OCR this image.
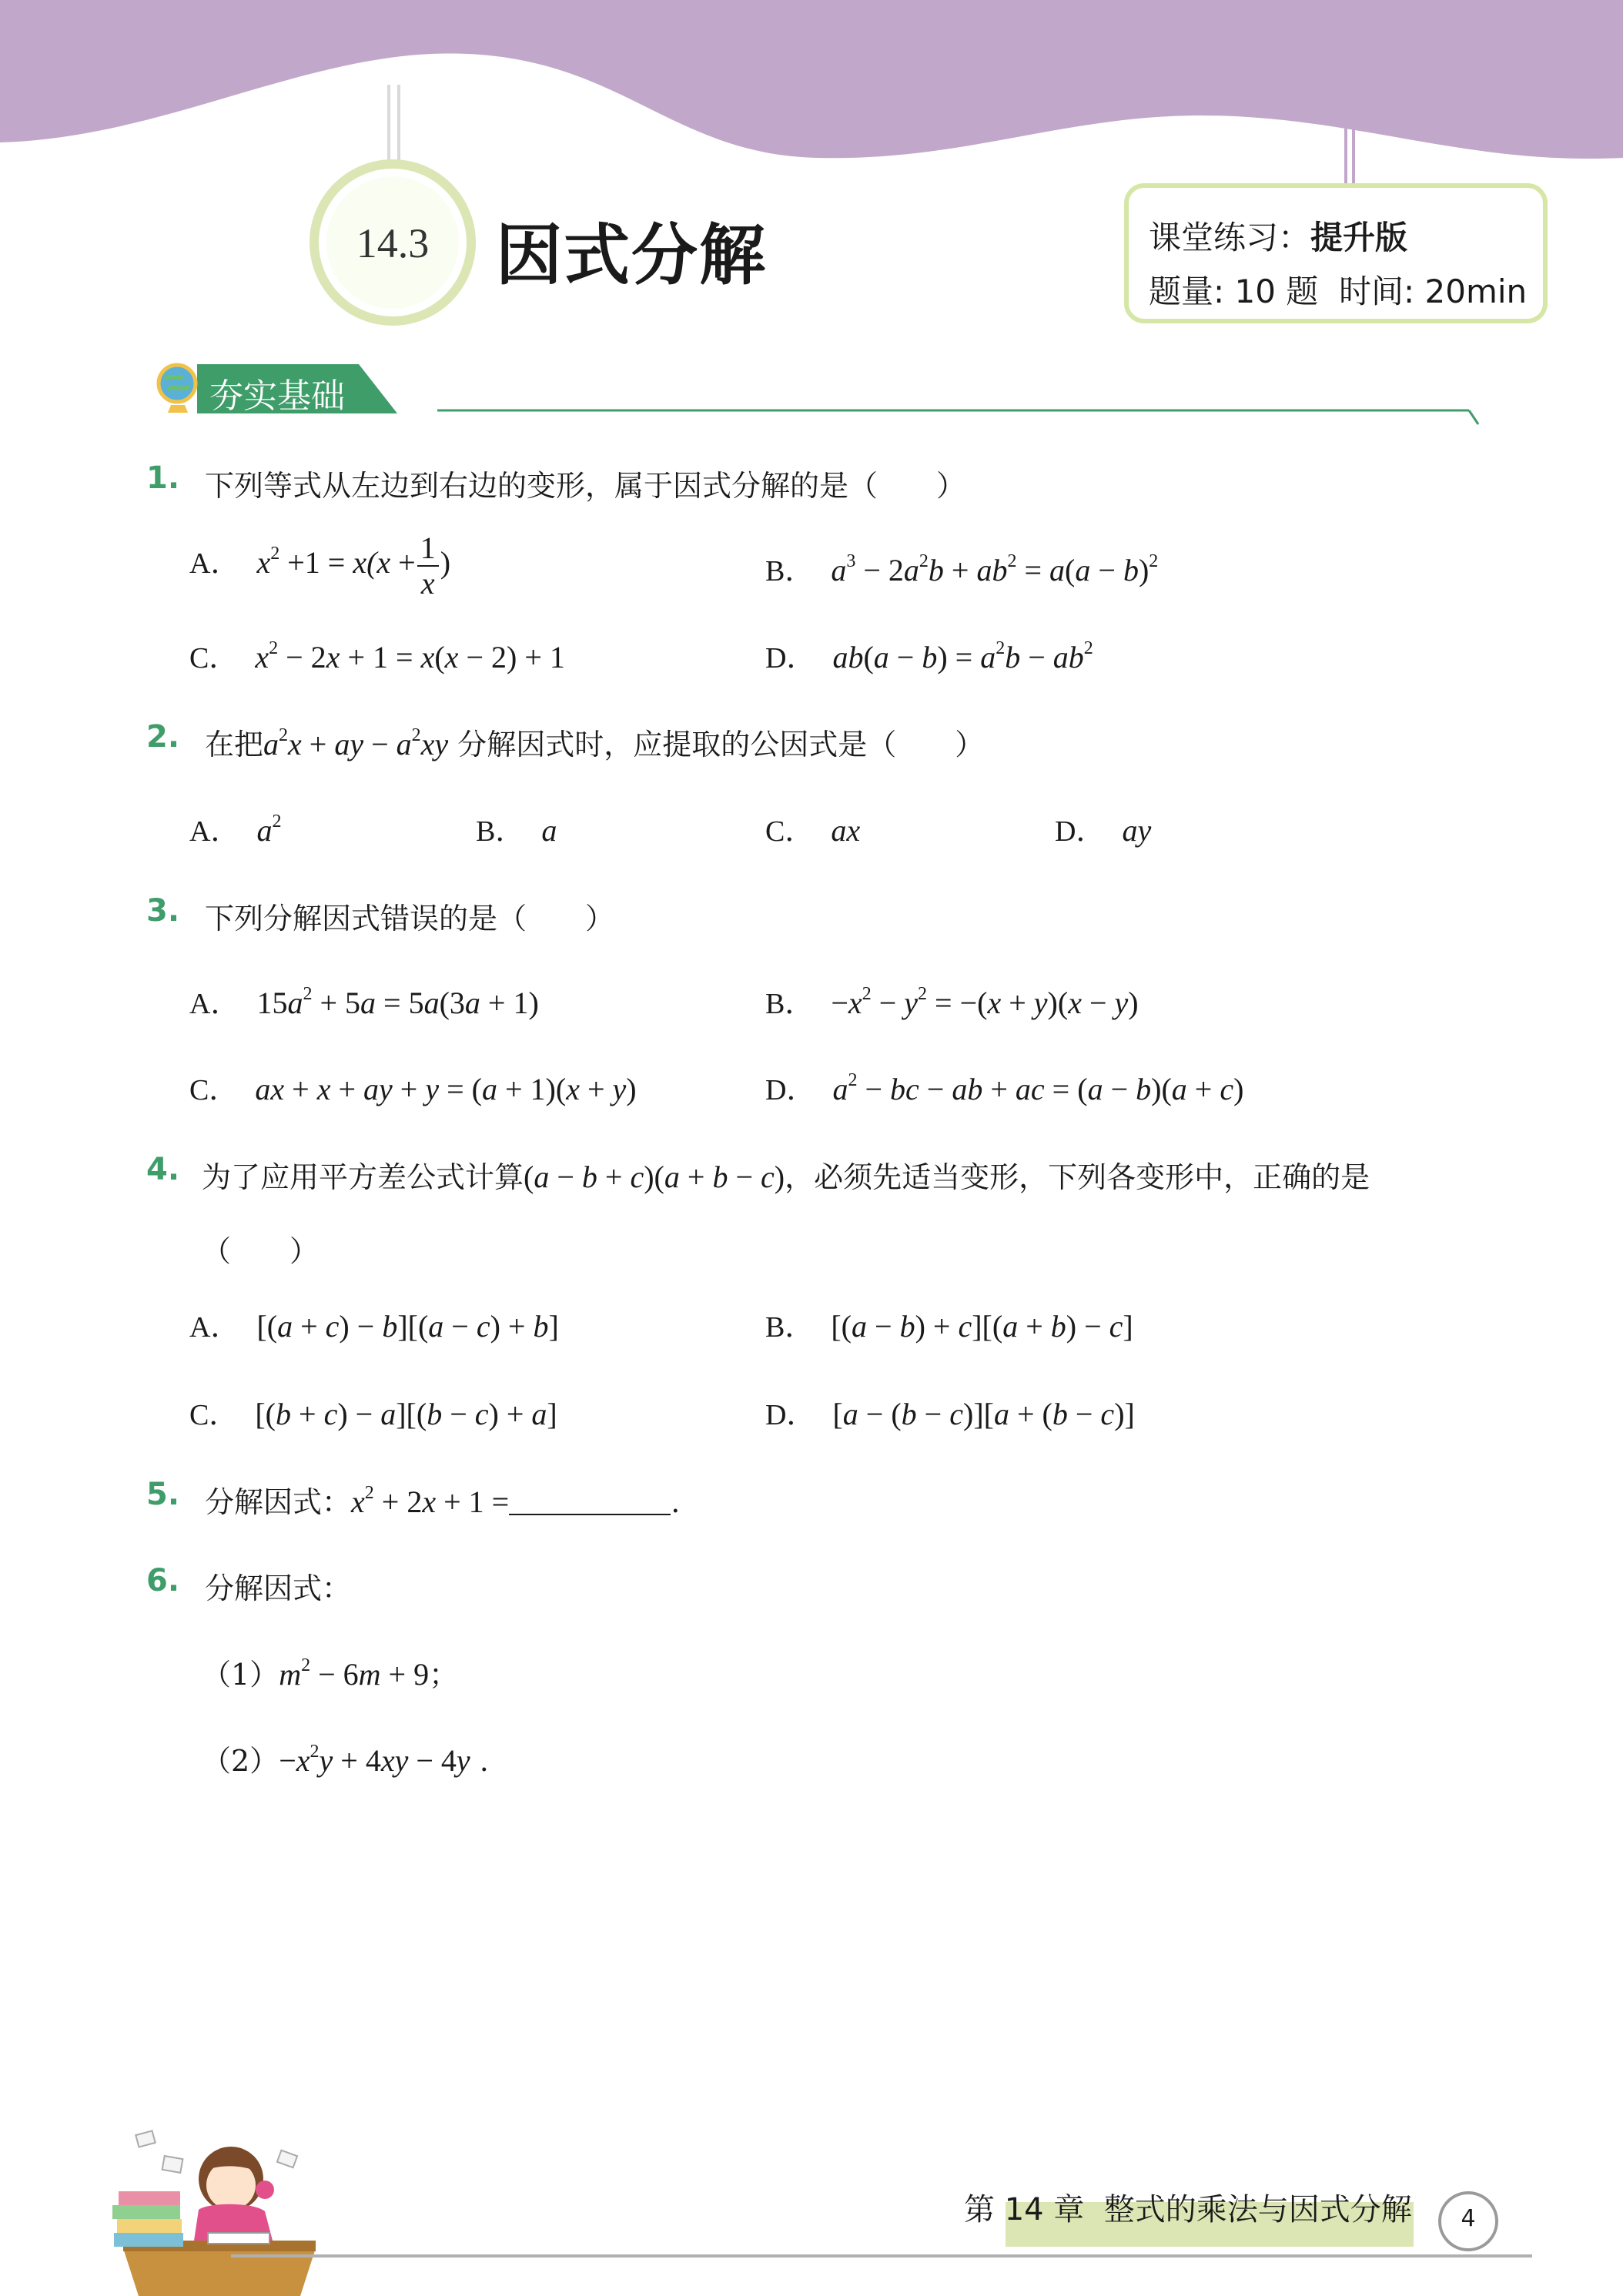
14.3	因式分解	课堂练习：提升版
题量: 10 题  时间: 20min
夯实基础
1. 下列等式从左边到右边的变形，属于因式分解的是（　　）
A． $x^2 +1 = x(x + \frac{1}{x}$ )	B． $a^3 - 2a^2b + ab^2 = a(a - b)^2$
C． $x^2 - 2x + 1 = x(x - 2) + 1$	D． $ab(a - b) = a^2b - ab^2$
2. 在把$a^2x$ + ay − $a^2xy$ 分解因式时，应提取的公因式是（　　）
A． $a^2$	B． a	C． ax	D． ay
3. 下列分解因式错误的是（　　）
A． $15a^2 + 5a = 5a(3a + 1)$	B． $-x^2 - y^2 = -(x + y)(x - y)$
C． ax + x + ay + y = (a + 1)(x + y)	D． $a^2$ − bc − ab + ac = (a − b)(a + c)
4. 为了应用平方差公式计算(a − b + c)(a + b − c)，必须先适当变形，下列各变形中，正确的是
（　　）
A． [(a + c) − b][(a − c) + b]	B． [(a − b) + c][(a + b) − c]
C． [(b + c) − a][(b − c) + a]	D． [a − (b − c)][a + (b − c)]
5. 分解因式：$x^2 + 2x + 1$ =	.
6. 分解因式：
$(1)m^2 - 6m + 9$；
$(2)-x^2y + 4xy - 4y$ .
第 14 章  整式的乘法与因式分解	4
